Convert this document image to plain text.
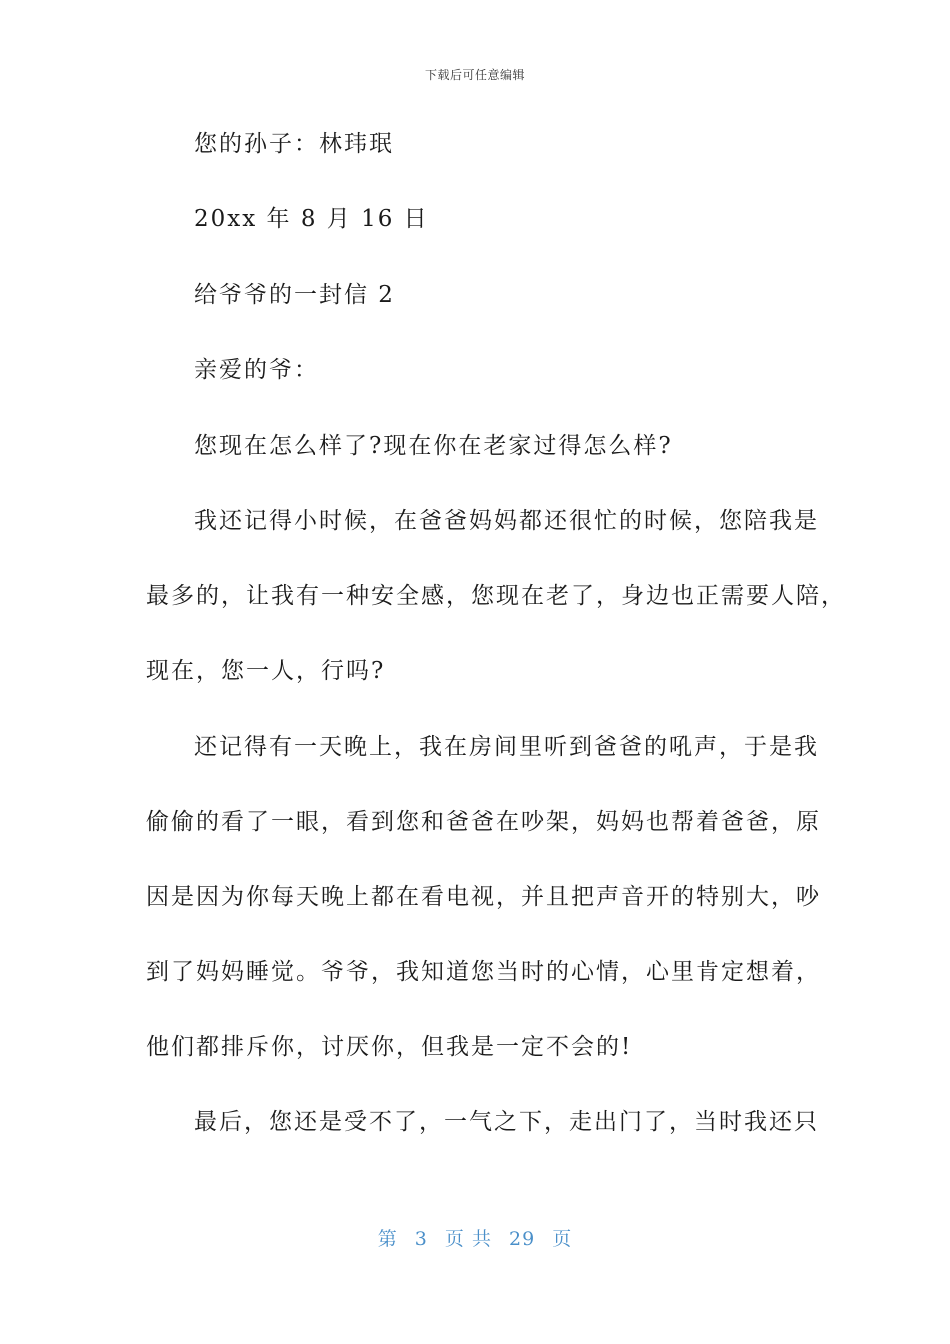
下载后可任意编辑
您的孙子：林玮珉
20xx 年 8 月 16 日
给爷爷的一封信 2
亲爱的爷：
您现在怎么样了?现在你在老家过得怎么样?
我还记得小时候，在爸爸妈妈都还很忙的时候，您陪我是
最多的，让我有一种安全感，您现在老了，身边也正需要人陪，
现在，您一人，行吗?
还记得有一天晚上，我在房间里听到爸爸的吼声，于是我
偷偷的看了一眼，看到您和爸爸在吵架，妈妈也帮着爸爸，原
因是因为你每天晚上都在看电视，并且把声音开的特别大，吵
到了妈妈睡觉。爷爷，我知道您当时的心情，心里肯定想着，
他们都排斥你，讨厌你，但我是一定不会的!
最后，您还是受不了，一气之下，走出门了，当时我还只
第 3 页 共 29 页
